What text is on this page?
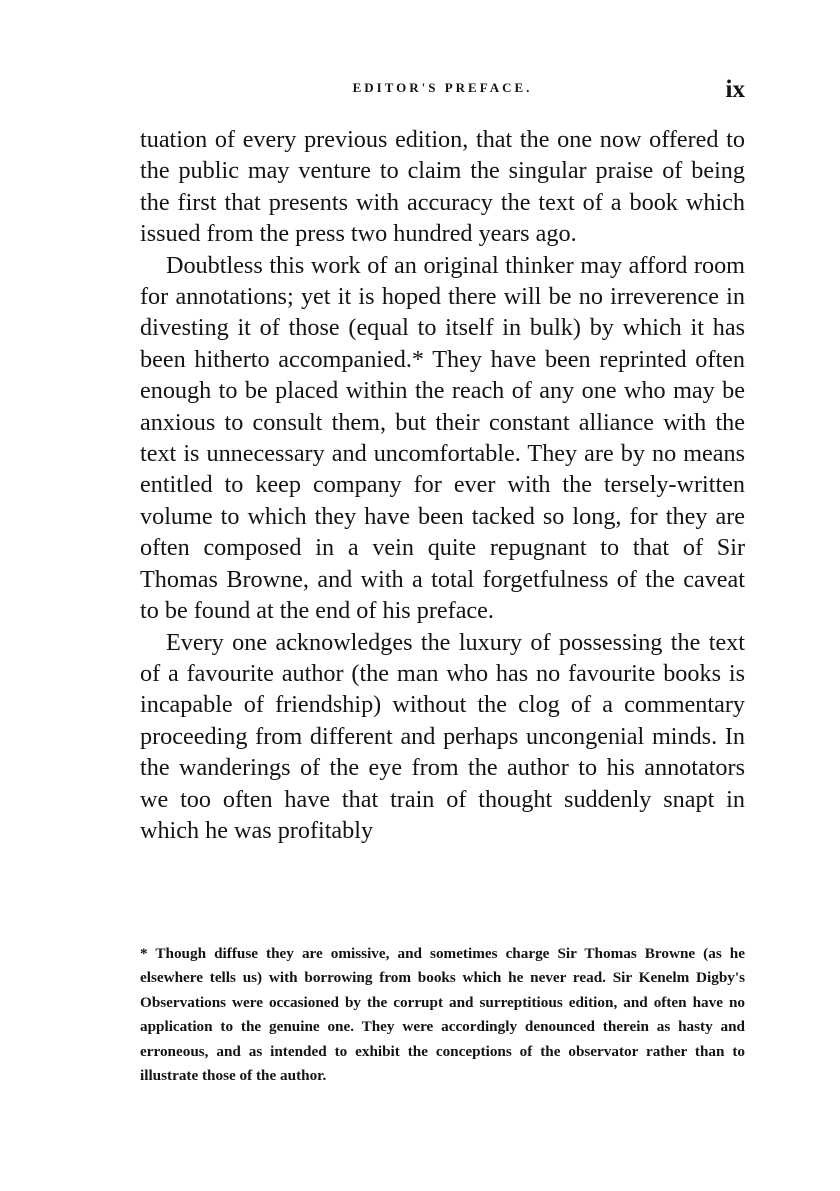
EDITOR'S PREFACE.	ix

tuation of every previous edition, that the one now offered to the public may venture to claim the singular praise of being the first that presents with accuracy the text of a book which issued from the press two hundred years ago.

Doubtless this work of an original thinker may afford room for annotations; yet it is hoped there will be no irreverence in divesting it of those (equal to itself in bulk) by which it has been hitherto accompanied.* They have been reprinted often enough to be placed within the reach of any one who may be anxious to consult them, but their constant alliance with the text is unnecessary and uncomfortable. They are by no means entitled to keep company for ever with the tersely-written volume to which they have been tacked so long, for they are often composed in a vein quite repugnant to that of Sir Thomas Browne, and with a total forgetfulness of the caveat to be found at the end of his preface.

Every one acknowledges the luxury of possessing the text of a favourite author (the man who has no favourite books is incapable of friendship) without the clog of a commentary proceeding from different and perhaps uncongenial minds. In the wanderings of the eye from the author to his annotators we too often have that train of thought suddenly snapt in which he was profitably

* Though diffuse they are omissive, and sometimes charge Sir Thomas Browne (as he elsewhere tells us) with borrowing from books which he never read. Sir Kenelm Digby's Observations were occasioned by the corrupt and surreptitious edition, and often have no application to the genuine one. They were accordingly denounced therein as hasty and erroneous, and as intended to exhibit the conceptions of the observator rather than to illustrate those of the author.
